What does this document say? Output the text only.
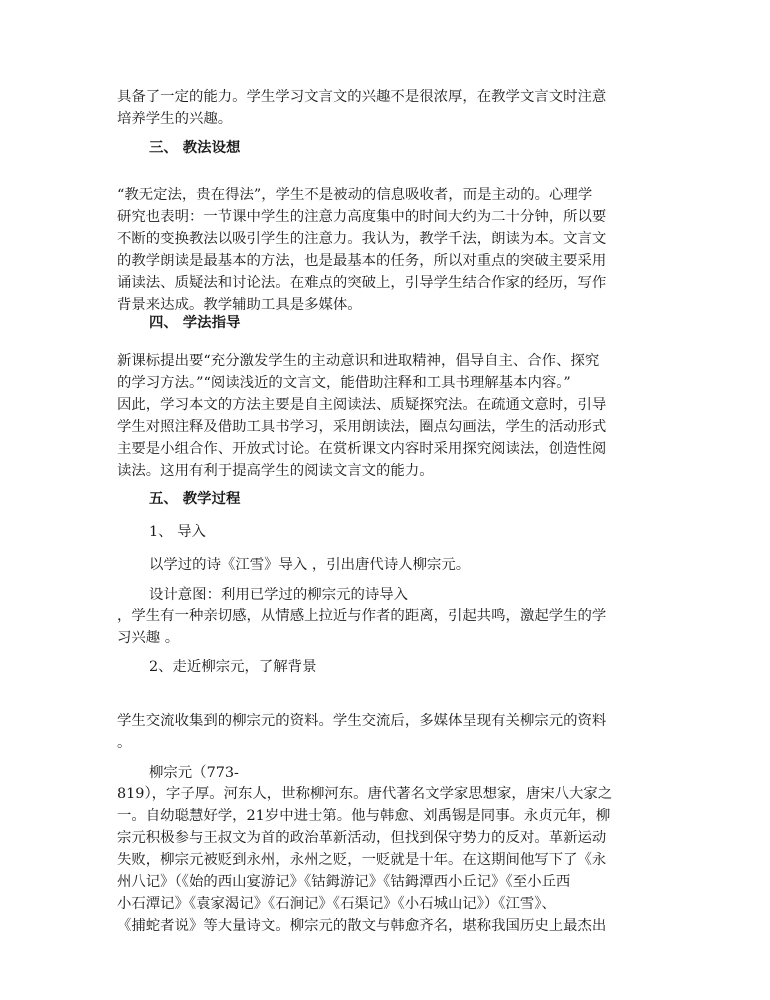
具备了一定的能力。学生学习文言文的兴趣不是很浓厚，在教学文言文时注意
培养学生的兴趣。
三、 教法设想
“教无定法，贵在得法”，学生不是被动的信息吸收者，而是主动的。心理学
研究也表明：一节课中学生的注意力高度集中的时间大约为二十分钟，所以要
不断的变换教法以吸引学生的注意力。我认为，教学千法，朗读为本。文言文
的教学朗读是最基本的方法，也是最基本的任务，所以对重点的突破主要采用
诵读法、质疑法和讨论法。在难点的突破上，引导学生结合作家的经历，写作
背景来达成。教学辅助工具是多媒体。
四、 学法指导
新课标提出要“充分激发学生的主动意识和进取精神，倡导自主、合作、探究
的学习方法。”“阅读浅近的文言文，能借助注释和工具书理解基本内容。”
因此，学习本文的方法主要是自主阅读法、质疑探究法。在疏通文意时，引导
学生对照注释及借助工具书学习，采用朗读法，圈点勾画法，学生的活动形式
主要是小组合作、开放式讨论。在赏析课文内容时采用探究阅读法，创造性阅
读法。这用有利于提高学生的阅读文言文的能力。
五、 教学过程
1、 导入
以学过的诗《江雪》导入 ，引出唐代诗人柳宗元。
设计意图：利用已学过的柳宗元的诗导入
，学生有一种亲切感，从情感上拉近与作者的距离，引起共鸣，激起学生的学
习兴趣 。
2、走近柳宗元，了解背景
学生交流收集到的柳宗元的资料。学生交流后，多媒体呈现有关柳宗元的资料
。
柳宗元（773-
819），字子厚。河东人，世称柳河东。唐代著名文学家思想家，唐宋八大家之
一。自幼聪慧好学，21岁中进士第。他与韩愈、刘禹锡是同事。永贞元年，柳
宗元积极参与王叔文为首的政治革新活动，但找到保守势力的反对。革新运动
失败，柳宗元被贬到永州，永州之贬，一贬就是十年。在这期间他写下了《永
州八记》（《始的西山宴游记》《钴鉧游记》《钴鉧潭西小丘记》《至小丘西
小石潭记》《袁家渴记》《石涧记》《石渠记》《小石城山记》）《江雪》、
《捕蛇者说》等大量诗文。柳宗元的散文与韩愈齐名，堪称我国历史上最杰出
